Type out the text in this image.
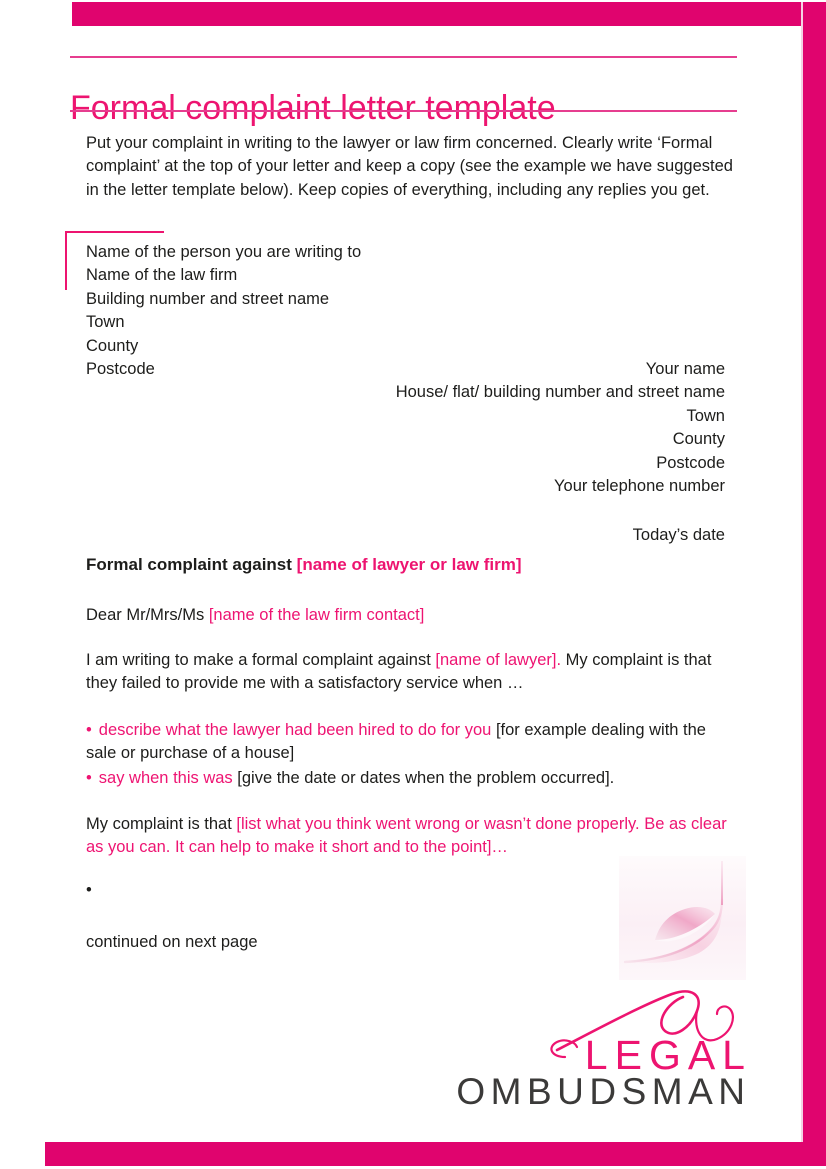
Formal complaint letter template
Put your complaint in writing to the lawyer or law firm concerned. Clearly write ‘Formal
complaint’ at the top of your letter and keep a copy (see the example we have suggested
in the letter template below). Keep copies of everything, including any replies you get.
Name of the person you are writing to
Name of the law firm
Building number and street name
Town
County
Postcode	Your name
House/ flat/ building number and street name
Town
County
Postcode
Your telephone number
Today’s date
Formal complaint against [name of lawyer or law firm]
Dear Mr/Mrs/Ms [name of the law firm contact]
I am writing to make a formal complaint against [name of lawyer]. My complaint is that
they failed to provide me with a satisfactory service when …
• describe what the lawyer had been hired to do for you [for example dealing with the
sale or purchase of a house]
• say when this was [give the date or dates when the problem occurred].
My complaint is that [list what you think went wrong or wasn’t done properly. Be as clear
as you can. It can help to make it short and to the point]…
•
continued on next page
LEGAL
OMBUDSMAN
